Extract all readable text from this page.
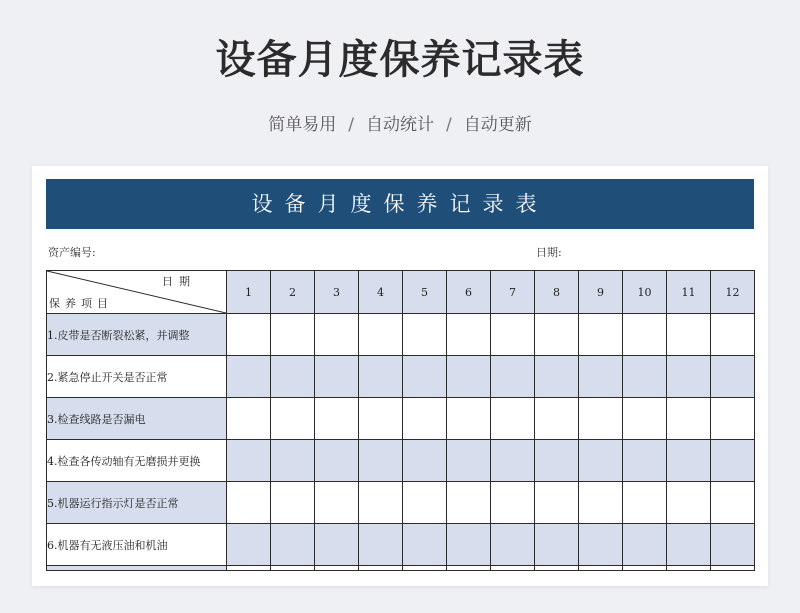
设备月度保养记录表
简单易用 / 自动统计 / 自动更新
设备月度保养记录表
资产编号:	日期:
日期
保养项目	1	2	3	4	5	6	7	8	9	10	11	12
1.皮带是否断裂松紧，并调整												
2.紧急停止开关是否正常												
3.检查线路是否漏电												
4.检查各传动轴有无磨损并更换												
5.机器运行指示灯是否正常												
6.机器有无液压油和机油												
